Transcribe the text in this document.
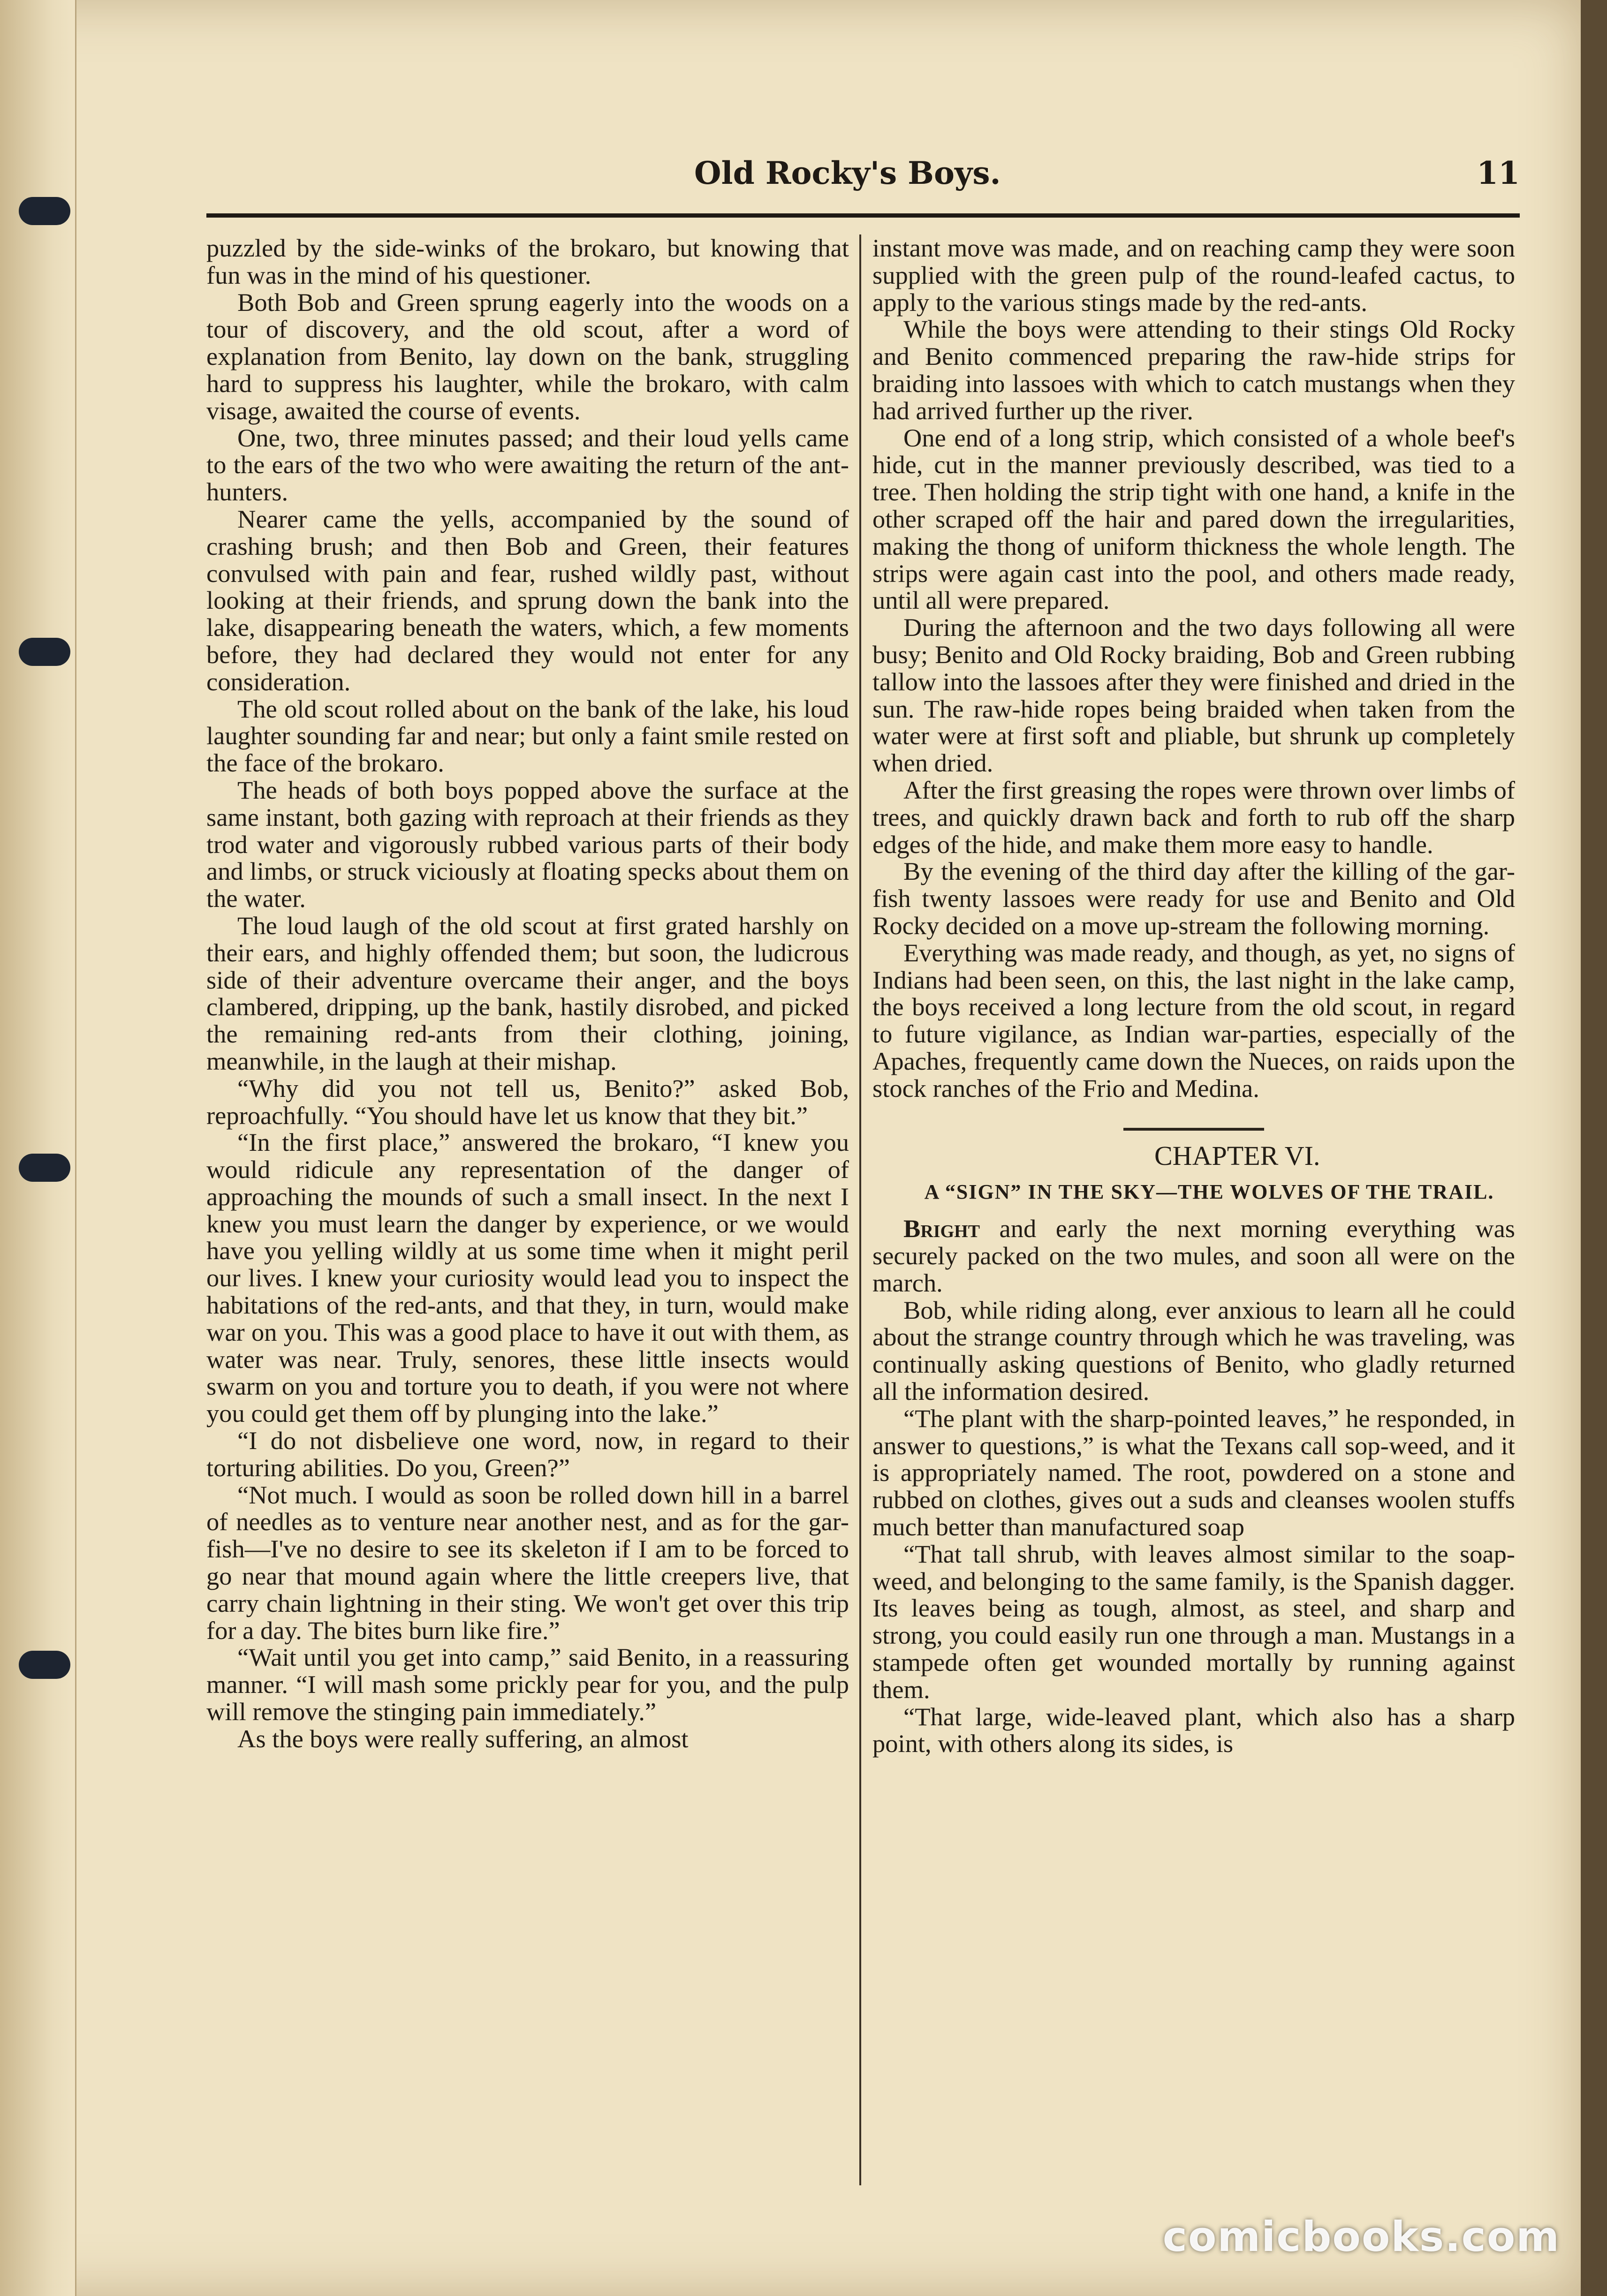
Old Rocky's Boys.	11

puzzled by the side-winks of the brokaro, but knowing that fun was in the mind of his questioner.

Both Bob and Green sprung eagerly into the woods on a tour of discovery, and the old scout, after a word of explanation from Benito, lay down on the bank, struggling hard to suppress his laughter, while the brokaro, with calm visage, awaited the course of events.

One, two, three minutes passed; and their loud yells came to the ears of the two who were awaiting the return of the ant-hunters.

Nearer came the yells, accompanied by the sound of crashing brush; and then Bob and Green, their features convulsed with pain and fear, rushed wildly past, without looking at their friends, and sprung down the bank into the lake, disappearing beneath the waters, which, a few moments before, they had declared they would not enter for any consideration.

The old scout rolled about on the bank of the lake, his loud laughter sounding far and near; but only a faint smile rested on the face of the brokaro.

The heads of both boys popped above the surface at the same instant, both gazing with reproach at their friends as they trod water and vigorously rubbed various parts of their body and limbs, or struck viciously at floating specks about them on the water.

The loud laugh of the old scout at first grated harshly on their ears, and highly offended them; but soon, the ludicrous side of their adventure overcame their anger, and the boys clambered, dripping, up the bank, hastily disrobed, and picked the remaining red-ants from their clothing, joining, meanwhile, in the laugh at their mishap.

“Why did you not tell us, Benito?” asked Bob, reproachfully. “You should have let us know that they bit.”

“In the first place,” answered the brokaro, “I knew you would ridicule any representation of the danger of approaching the mounds of such a small insect. In the next I knew you must learn the danger by experience, or we would have you yelling wildly at us some time when it might peril our lives. I knew your curiosity would lead you to inspect the habitations of the red-ants, and that they, in turn, would make war on you. This was a good place to have it out with them, as water was near. Truly, senores, these little insects would swarm on you and torture you to death, if you were not where you could get them off by plunging into the lake.”

“I do not disbelieve one word, now, in regard to their torturing abilities. Do you, Green?”

“Not much. I would as soon be rolled down hill in a barrel of needles as to venture near another nest, and as for the gar-fish—I've no desire to see its skeleton if I am to be forced to go near that mound again where the little creepers live, that carry chain lightning in their sting. We won't get over this trip for a day. The bites burn like fire.”

“Wait until you get into camp,” said Benito, in a reassuring manner. “I will mash some prickly pear for you, and the pulp will remove the stinging pain immediately.”

As the boys were really suffering, an almost

instant move was made, and on reaching camp they were soon supplied with the green pulp of the round-leafed cactus, to apply to the various stings made by the red-ants.

While the boys were attending to their stings Old Rocky and Benito commenced preparing the raw-hide strips for braiding into lassoes with which to catch mustangs when they had arrived further up the river.

One end of a long strip, which consisted of a whole beef's hide, cut in the manner previously described, was tied to a tree. Then holding the strip tight with one hand, a knife in the other scraped off the hair and pared down the irregularities, making the thong of uniform thickness the whole length. The strips were again cast into the pool, and others made ready, until all were prepared.

During the afternoon and the two days following all were busy; Benito and Old Rocky braiding, Bob and Green rubbing tallow into the lassoes after they were finished and dried in the sun. The raw-hide ropes being braided when taken from the water were at first soft and pliable, but shrunk up completely when dried.

After the first greasing the ropes were thrown over limbs of trees, and quickly drawn back and forth to rub off the sharp edges of the hide, and make them more easy to handle.

By the evening of the third day after the killing of the gar-fish twenty lassoes were ready for use and Benito and Old Rocky decided on a move up-stream the following morning.

Everything was made ready, and though, as yet, no signs of Indians had been seen, on this, the last night in the lake camp, the boys received a long lecture from the old scout, in regard to future vigilance, as Indian war-parties, especially of the Apaches, frequently came down the Nueces, on raids upon the stock ranches of the Frio and Medina.

CHAPTER VI.

A “SIGN” IN THE SKY—THE WOLVES OF THE TRAIL.

Bright and early the next morning everything was securely packed on the two mules, and soon all were on the march.

Bob, while riding along, ever anxious to learn all he could about the strange country through which he was traveling, was continually asking questions of Benito, who gladly returned all the information desired.

“The plant with the sharp-pointed leaves,” he responded, in answer to questions,” is what the Texans call sop-weed, and it is appropriately named. The root, powdered on a stone and rubbed on clothes, gives out a suds and cleanses woolen stuffs much better than manufactured soap

“That tall shrub, with leaves almost similar to the soap-weed, and belonging to the same family, is the Spanish dagger. Its leaves being as tough, almost, as steel, and sharp and strong, you could easily run one through a man. Mustangs in a stampede often get wounded mortally by running against them.

“That large, wide-leaved plant, which also has a sharp point, with others along its sides, is

comicbooks.com
